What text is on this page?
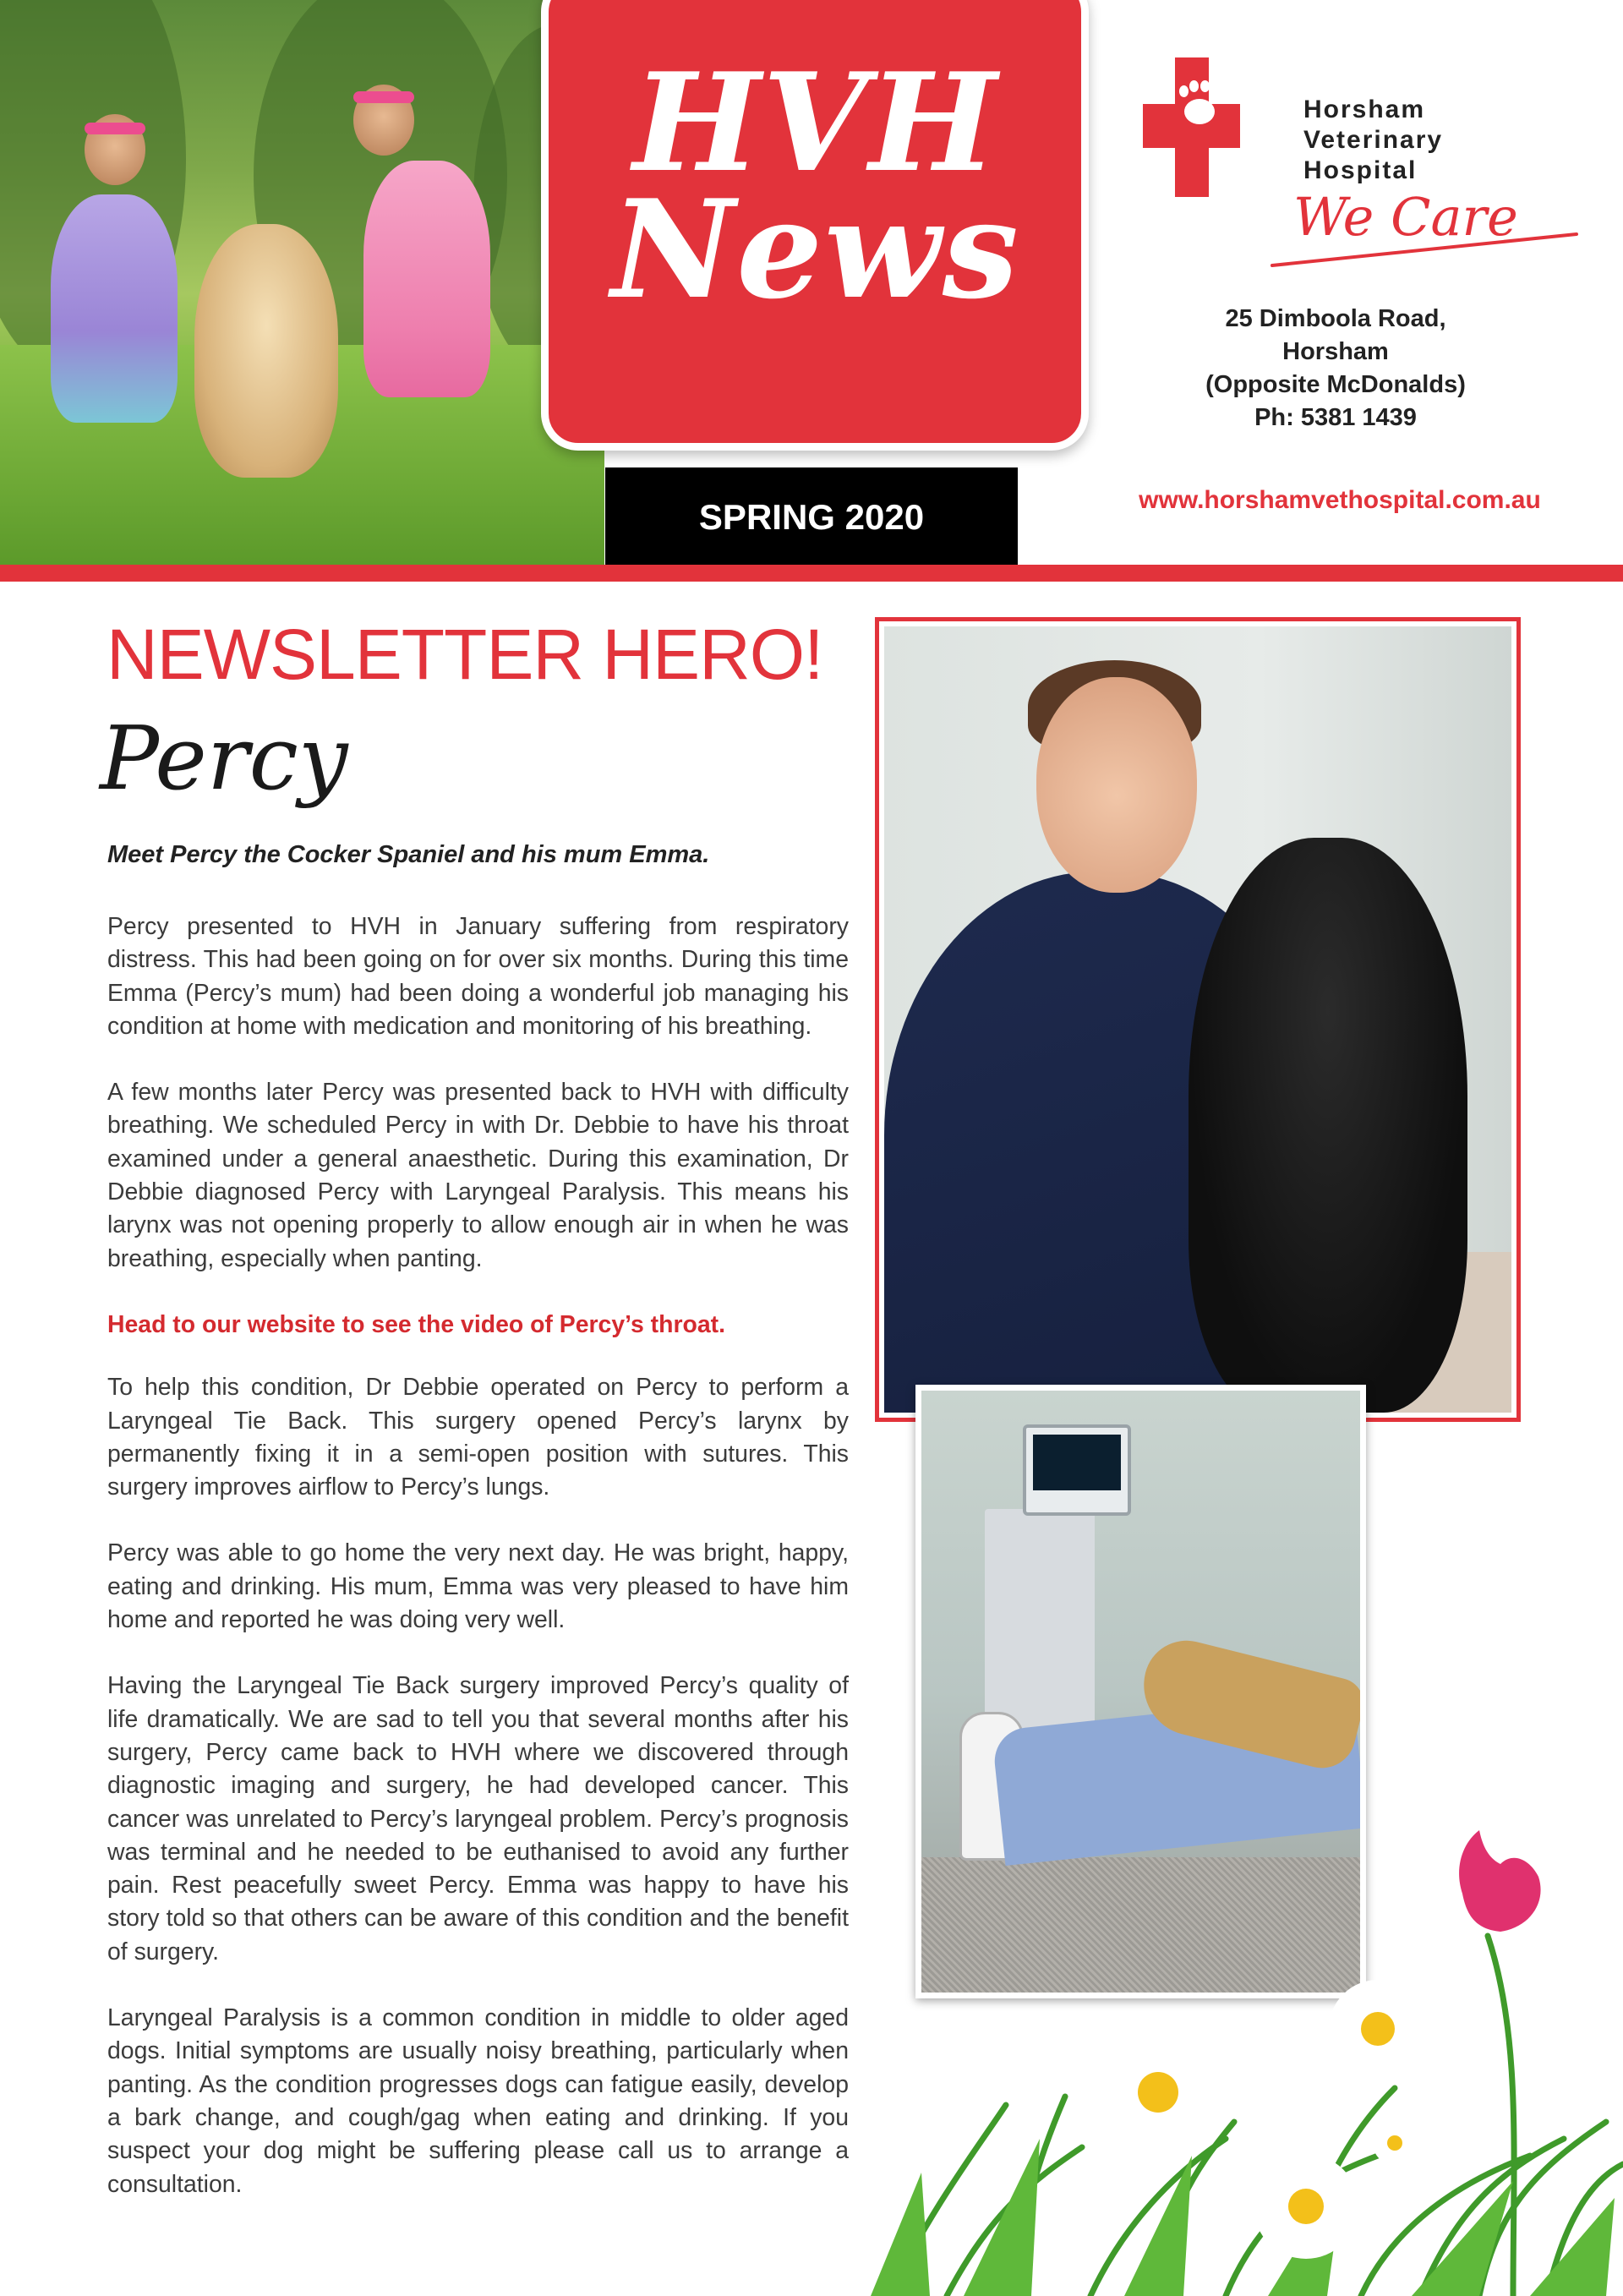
HVH
News
SPRING 2020
Horsham
Veterinary
Hospital
We Care
25 Dimboola Road,
Horsham
(Opposite McDonalds)
Ph: 5381 1439
www.horshamvethospital.com.au
NEWSLETTER HERO!
Percy
Meet Percy the Cocker Spaniel and his mum Emma.

Percy presented to HVH in January suffering from respiratory distress. This had been going on for over six months. During this time Emma (Percy’s mum) had been doing a wonderful job managing his condition at home with medication and monitoring of his breathing.

A few months later Percy was presented back to HVH with difficulty breathing. We scheduled Percy in with Dr. Debbie to have his throat examined under a general anaesthetic. During this examination, Dr Debbie diagnosed Percy with Laryngeal Paralysis. This means his larynx was not opening properly to allow enough air in when he was breathing, especially when panting.

Head to our website to see the video of Percy’s throat.

To help this condition, Dr Debbie operated on Percy to perform a Laryngeal Tie Back. This surgery opened Percy’s larynx by permanently fixing it in a semi-open position with sutures. This surgery improves airflow to Percy’s lungs.

Percy was able to go home the very next day. He was bright, happy, eating and drinking. His mum, Emma was very pleased to have him home and reported he was doing very well.

Having the Laryngeal Tie Back surgery improved Percy’s quality of life dramatically. We are sad to tell you that several months after his surgery, Percy came back to HVH where we discovered through diagnostic imaging and surgery, he had developed cancer. This cancer was unrelated to Percy’s laryngeal problem. Percy’s prognosis was terminal and he needed to be euthanised to avoid any further pain. Rest peacefully sweet Percy. Emma was happy to have his story told so that others can be aware of this condition and the benefit of surgery.

Laryngeal Paralysis is a common condition in middle to older aged dogs. Initial symptoms are usually noisy breathing, particularly when panting. As the condition progresses dogs can fatigue easily, develop a bark change, and cough/gag when eating and drinking. If you suspect your dog might be suffering please call us to arrange a consultation.
